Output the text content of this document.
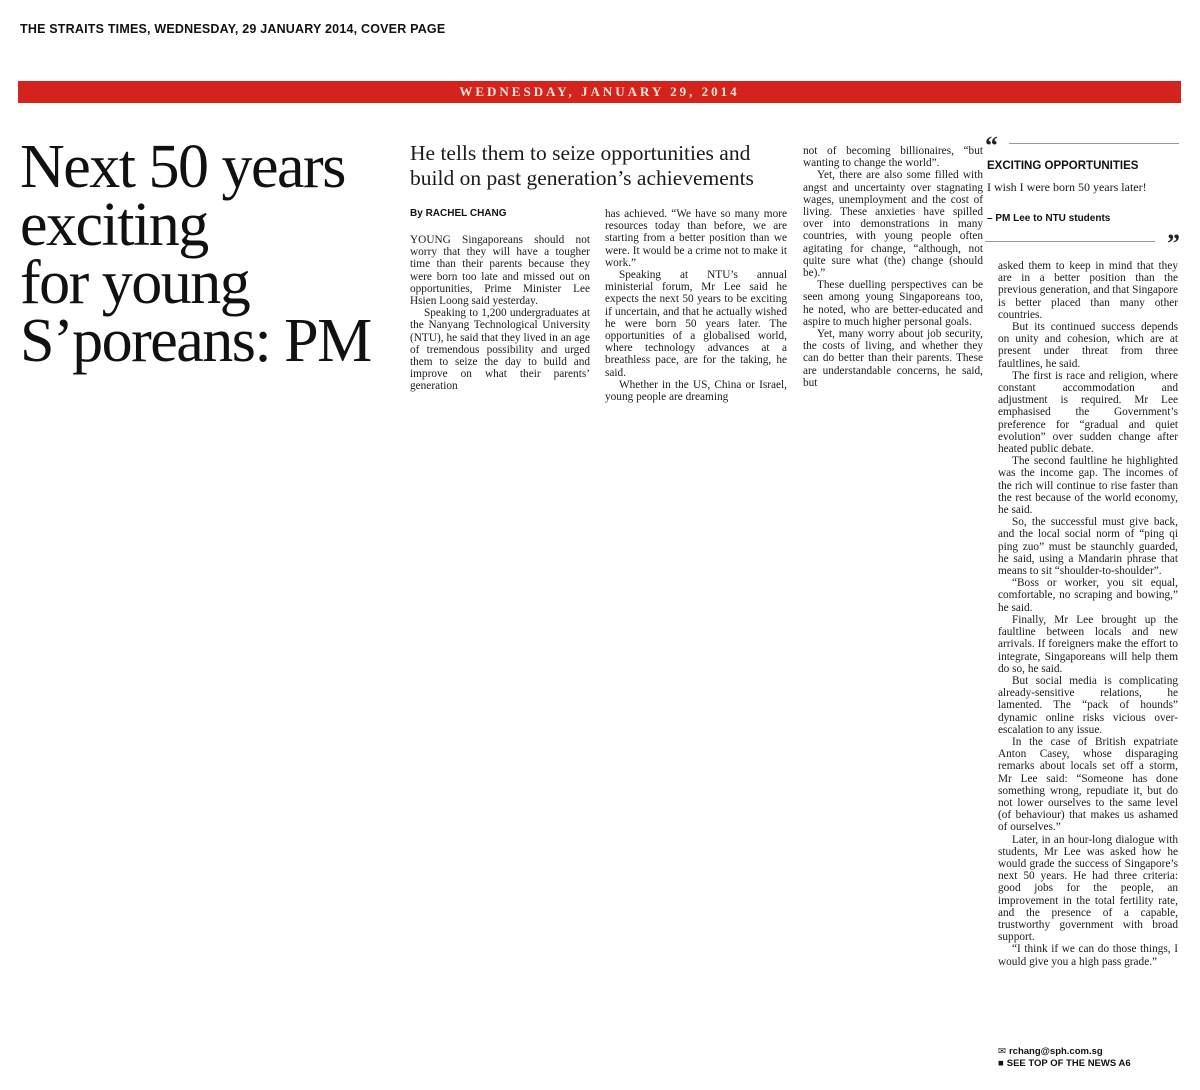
THE STRAITS TIMES, WEDNESDAY, 29 JANUARY 2014, COVER PAGE
WEDNESDAY, JANUARY 29, 2014
Next 50 years
exciting
for young
S’poreans: PM
He tells them to seize opportunities and build on past generation’s achievements
By RACHEL CHANG

YOUNG Singaporeans should not worry that they will have a tougher time than their parents because they were born too late and missed out on opportunities, Prime Minister Lee Hsien Loong said yesterday.

Speaking to 1,200 undergraduates at the Nanyang Technological University (NTU), he said that they lived in an age of tremendous possibility and urged them to seize the day to build and improve on what their parents’ generation

has achieved. “We have so many more resources today than before, we are starting from a better position than we were. It would be a crime not to make it work.”

Speaking at NTU’s annual ministerial forum, Mr Lee said he expects the next 50 years to be exciting if uncertain, and that he actually wished he were born 50 years later. The opportunities of a globalised world, where technology advances at a breathless pace, are for the taking, he said.

Whether in the US, China or Israel, young people are dreaming

not of becoming billionaires, “but wanting to change the world”.

Yet, there are also some filled with angst and uncertainty over stagnating wages, unemployment and the cost of living. These anxieties have spilled over into demonstrations in many countries, with young people often agitating for change, “although, not quite sure what (the) change (should be).”

These duelling perspectives can be seen among young Singaporeans too, he noted, who are better-educated and aspire to much higher personal goals.

Yet, many worry about job security, the costs of living, and whether they can do better than their parents. These are understandable concerns, he said, but

“
EXCITING OPPORTUNITIES
I wish I were born 50 years later!
– PM Lee to NTU students
”

asked them to keep in mind that they are in a better position than the previous generation, and that Singapore is better placed than many other countries.

But its continued success depends on unity and cohesion, which are at present under threat from three faultlines, he said.

The first is race and religion, where constant accommodation and adjustment is required. Mr Lee emphasised the Government’s preference for “gradual and quiet evolution” over sudden change after heated public debate.

The second faultline he highlighted was the income gap. The incomes of the rich will continue to rise faster than the rest because of the world economy, he said.

So, the successful must give back, and the local social norm of “ping qi ping zuo” must be staunchly guarded, he said, using a Mandarin phrase that means to sit “shoulder-to-shoulder”.

“Boss or worker, you sit equal, comfortable, no scraping and bowing,” he said.

Finally, Mr Lee brought up the faultline between locals and new arrivals. If foreigners make the effort to integrate, Singaporeans will help them do so, he said.

But social media is complicating already-sensitive relations, he lamented. The “pack of hounds” dynamic online risks vicious over-escalation to any issue.

In the case of British expatriate Anton Casey, whose disparaging remarks about locals set off a storm, Mr Lee said: “Someone has done something wrong, repudiate it, but do not lower ourselves to the same level (of behaviour) that makes us ashamed of ourselves.”

Later, in an hour-long dialogue with students, Mr Lee was asked how he would grade the success of Singapore’s next 50 years. He had three criteria: good jobs for the people, an improvement in the total fertility rate, and the presence of a capable, trustworthy government with broad support.

“I think if we can do those things, I would give you a high pass grade.”

✉ rchang@sph.com.sg
■ SEE TOP OF THE NEWS A6
